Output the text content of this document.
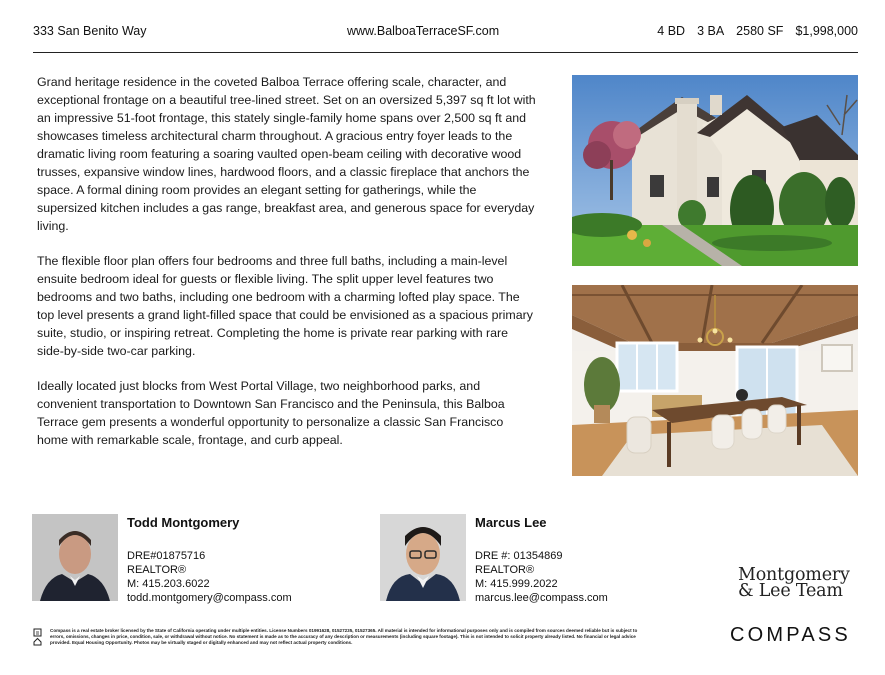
333 San Benito Way	www.BalboaTerraceSF.com	4 BD 3 BA 2580 SF $1,998,000

Grand heritage residence in the coveted Balboa Terrace offering scale, character, and exceptional frontage on a beautiful tree-lined street. Set on an oversized 5,397 sq ft lot with an impressive 51-foot frontage, this stately single-family home spans over 2,500 sq ft and showcases timeless architectural charm throughout. A gracious entry foyer leads to the dramatic living room featuring a soaring vaulted open-beam ceiling with decorative wood trusses, expansive window lines, hardwood floors, and a classic fireplace that anchors the space. A formal dining room provides an elegant setting for gatherings, while the supersized kitchen includes a gas range, breakfast area, and generous space for everyday living.

The flexible floor plan offers four bedrooms and three full baths, including a main-level ensuite bedroom ideal for guests or flexible living. The split upper level features two bedrooms and two baths, including one bedroom with a charming lofted play space. The top level presents a grand light-filled space that could be envisioned as a spacious primary suite, studio, or inspiring retreat. Completing the home is private rear parking with rare side-by-side two-car parking.

Ideally located just blocks from West Portal Village, two neighborhood parks, and convenient transportation to Downtown San Francisco and the Peninsula, this Balboa Terrace gem presents a wonderful opportunity to personalize a classic San Francisco home with remarkable scale, frontage, and curb appeal.

Todd Montgomery
DRE#01875716
REALTOR®
M: 415.203.6022
todd.montgomery@compass.com
Marcus Lee
DRE #: 01354869
REALTOR®
M: 415.999.2022
marcus.lee@compass.com
Montgomery
& Lee Team
Compass is a real estate broker licensed by the State of California operating under multiple entities. License Numbers 01991628, 01527235, 01527365. All material is intended for informational purposes only and is compiled from sources deemed reliable but is subject to errors, omissions, changes in price, condition, sale, or withdrawal without notice. No statement is made as to the accuracy of any description or measurements (including square footage). This is not intended to solicit property already listed. No financial or legal advice provided. Equal Housing Opportunity. Photos may be virtually staged or digitally enhanced and may not reflect actual property conditions.	COMPASS
